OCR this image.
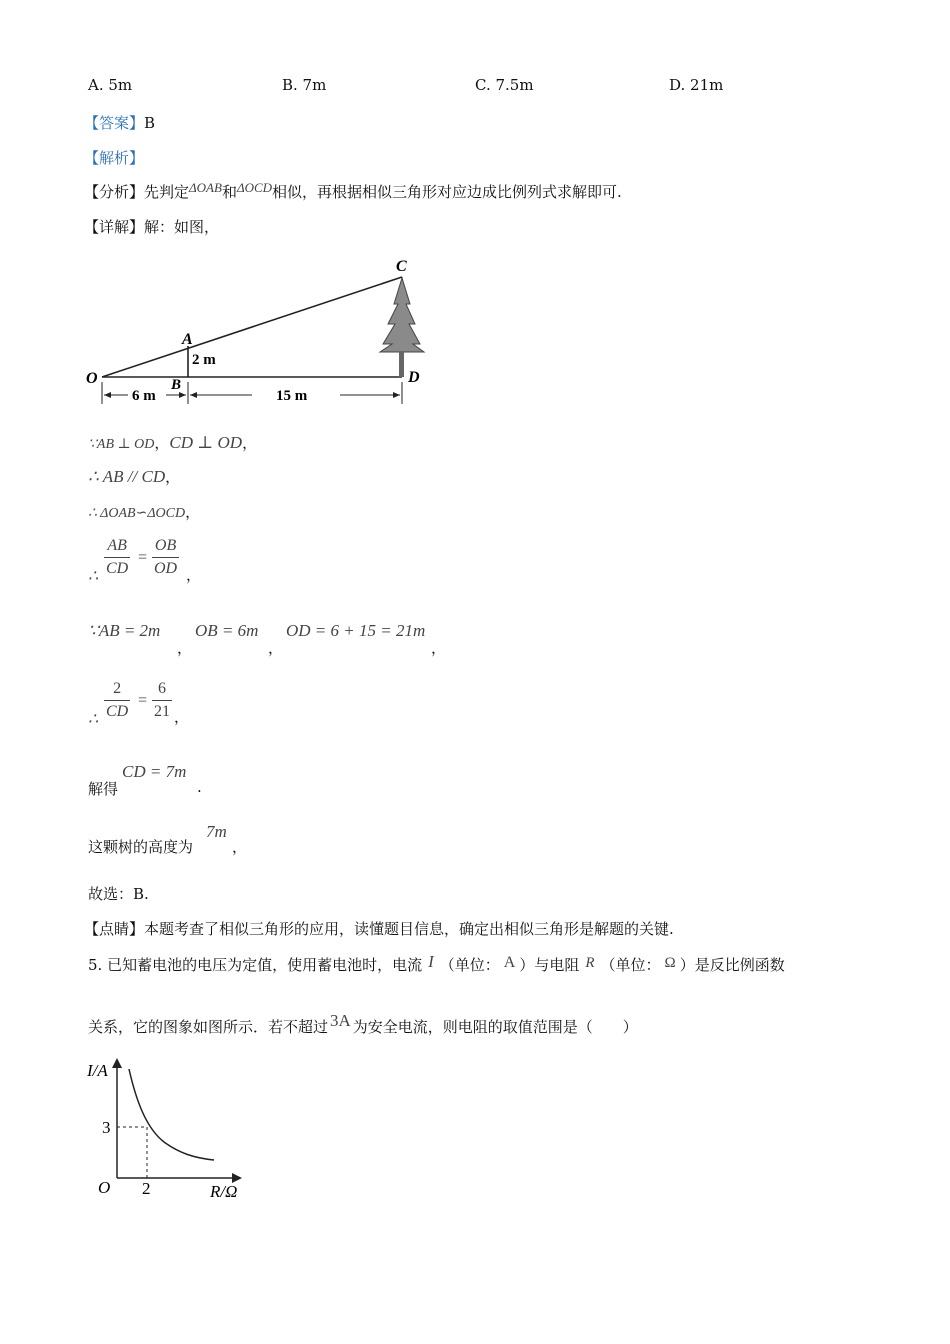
A. 5m	B. 7m	C. 7.5m	D. 21m
【答案】B
【解析】
【分析】先判定ΔOAB和ΔOCD相似，再根据相似三角形对应边成比例列式求解即可.
【详解】解：如图，
C
A
O	B	D
2 m
6 m	15 m
∵AB ⊥ OD，CD ⊥ OD，
∴ AB // CD，
∴ ΔOAB∽ΔOCD，
∴ $\frac{AB}{CD} = \frac{OB}{OD}$ ，
∵AB = 2m
，
OB = 6m
，
OD = 6 + 15 = 21m
，
∴ $\frac{2}{CD} = \frac{6}{21}$ ，
解得
CD = 7m
.
这颗树的高度为
7m
，
故选：B.
【点睛】本题考查了相似三角形的应用，读懂题目信息，确定出相似三角形是解题的关键.
5. 已知蓄电池的电压为定值，使用蓄电池时，电流 I （单位： A ）与电阻 R （单位： Ω ）是反比例函数
关系，它的图象如图所示．若不超过 3A 为安全电流，则电阻的取值范围是（　　）
I/A
R/Ω
O
3
2
